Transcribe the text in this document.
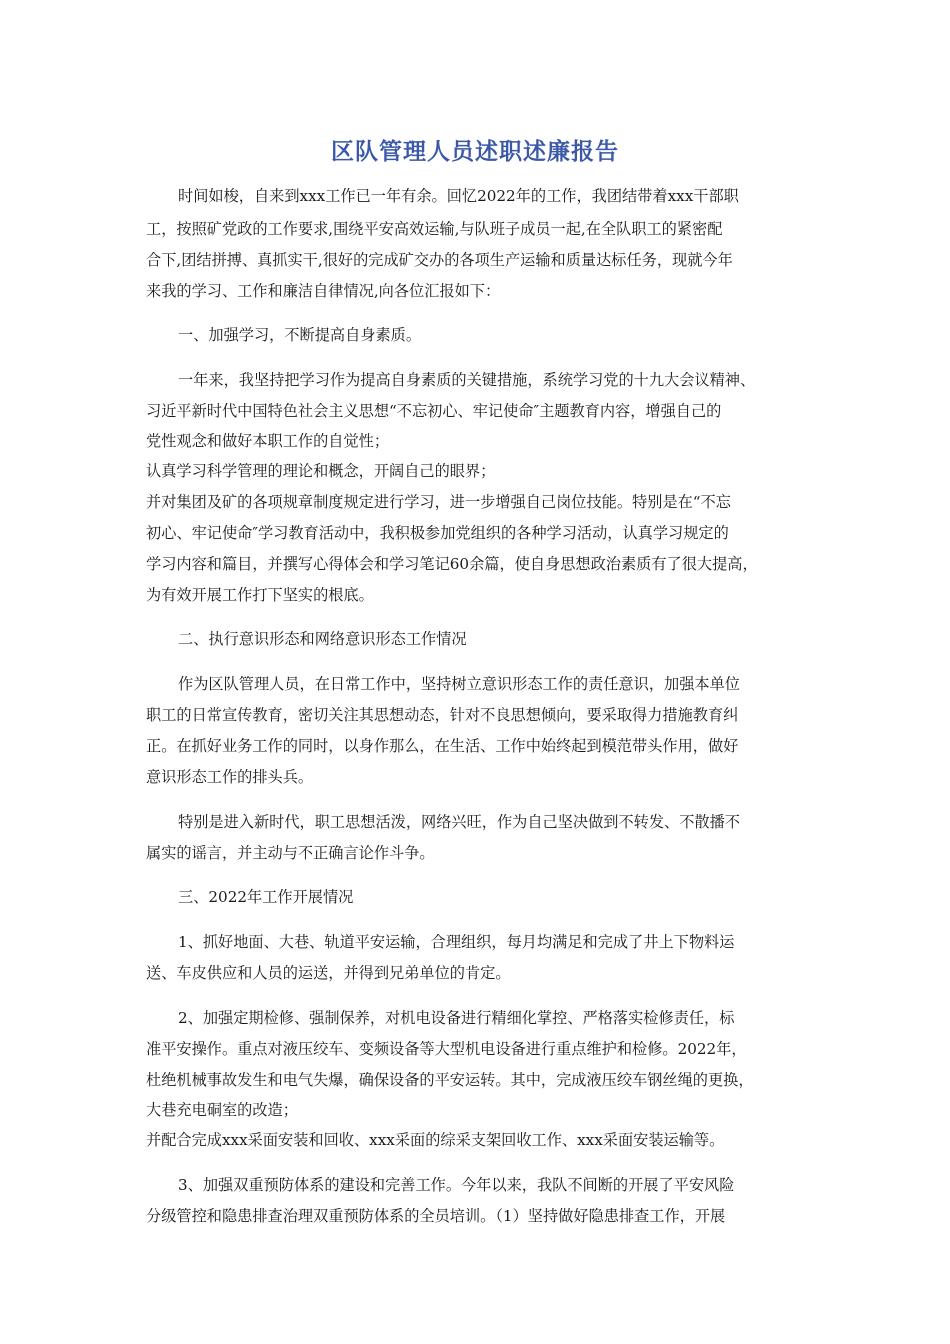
区队管理人员述职述廉报告

时间如梭，自来到xxx工作已一年有余。回忆2022年的工作，我团结带着xxx干部职

工，按照矿党政的工作要求,围绕平安高效运输,与队班子成员一起,在全队职工的紧密配

合下,团结拼搏、真抓实干,很好的完成矿交办的各项生产运输和质量达标任务，现就今年

来我的学习、工作和廉洁自律情况,向各位汇报如下：

一、加强学习，不断提高自身素质。

一年来，我坚持把学习作为提高自身素质的关键措施，系统学习党的十九大会议精神、

习近平新时代中国特色社会主义思想“不忘初心、牢记使命″主题教育内容，增强自己的

党性观念和做好本职工作的自觉性；

认真学习科学管理的理论和概念，开阔自己的眼界；

并对集团及矿的各项规章制度规定进行学习，进一步增强自己岗位技能。特别是在“不忘

初心、牢记使命″学习教育活动中，我积极参加党组织的各种学习活动，认真学习规定的

学习内容和篇目，并撰写心得体会和学习笔记60余篇，使自身思想政治素质有了很大提高，

为有效开展工作打下坚实的根底。

二、执行意识形态和网络意识形态工作情况

作为区队管理人员，在日常工作中，坚持树立意识形态工作的责任意识，加强本单位

职工的日常宣传教育，密切关注其思想动态，针对不良思想倾向，要采取得力措施教育纠

正。在抓好业务工作的同时，以身作那么，在生活、工作中始终起到模范带头作用，做好

意识形态工作的排头兵。

特别是进入新时代，职工思想活泼，网络兴旺，作为自己坚决做到不转发、不散播不

属实的谣言，并主动与不正确言论作斗争。

三、2022年工作开展情况

1、抓好地面、大巷、轨道平安运输，合理组织，每月均满足和完成了井上下物料运

送、车皮供应和人员的运送，并得到兄弟单位的肯定。

2、加强定期检修、强制保养，对机电设备进行精细化掌控、严格落实检修责任，标

准平安操作。重点对液压绞车、变频设备等大型机电设备进行重点维护和检修。2022年，

杜绝机械事故发生和电气失爆，确保设备的平安运转。其中，完成液压绞车钢丝绳的更换，

大巷充电硐室的改造；

并配合完成xxx采面安装和回收、xxx采面的综采支架回收工作、xxx采面安装运输等。

3、加强双重预防体系的建设和完善工作。今年以来，我队不间断的开展了平安风险

分级管控和隐患排查治理双重预防体系的全员培训。（1）坚持做好隐患排查工作，开展
